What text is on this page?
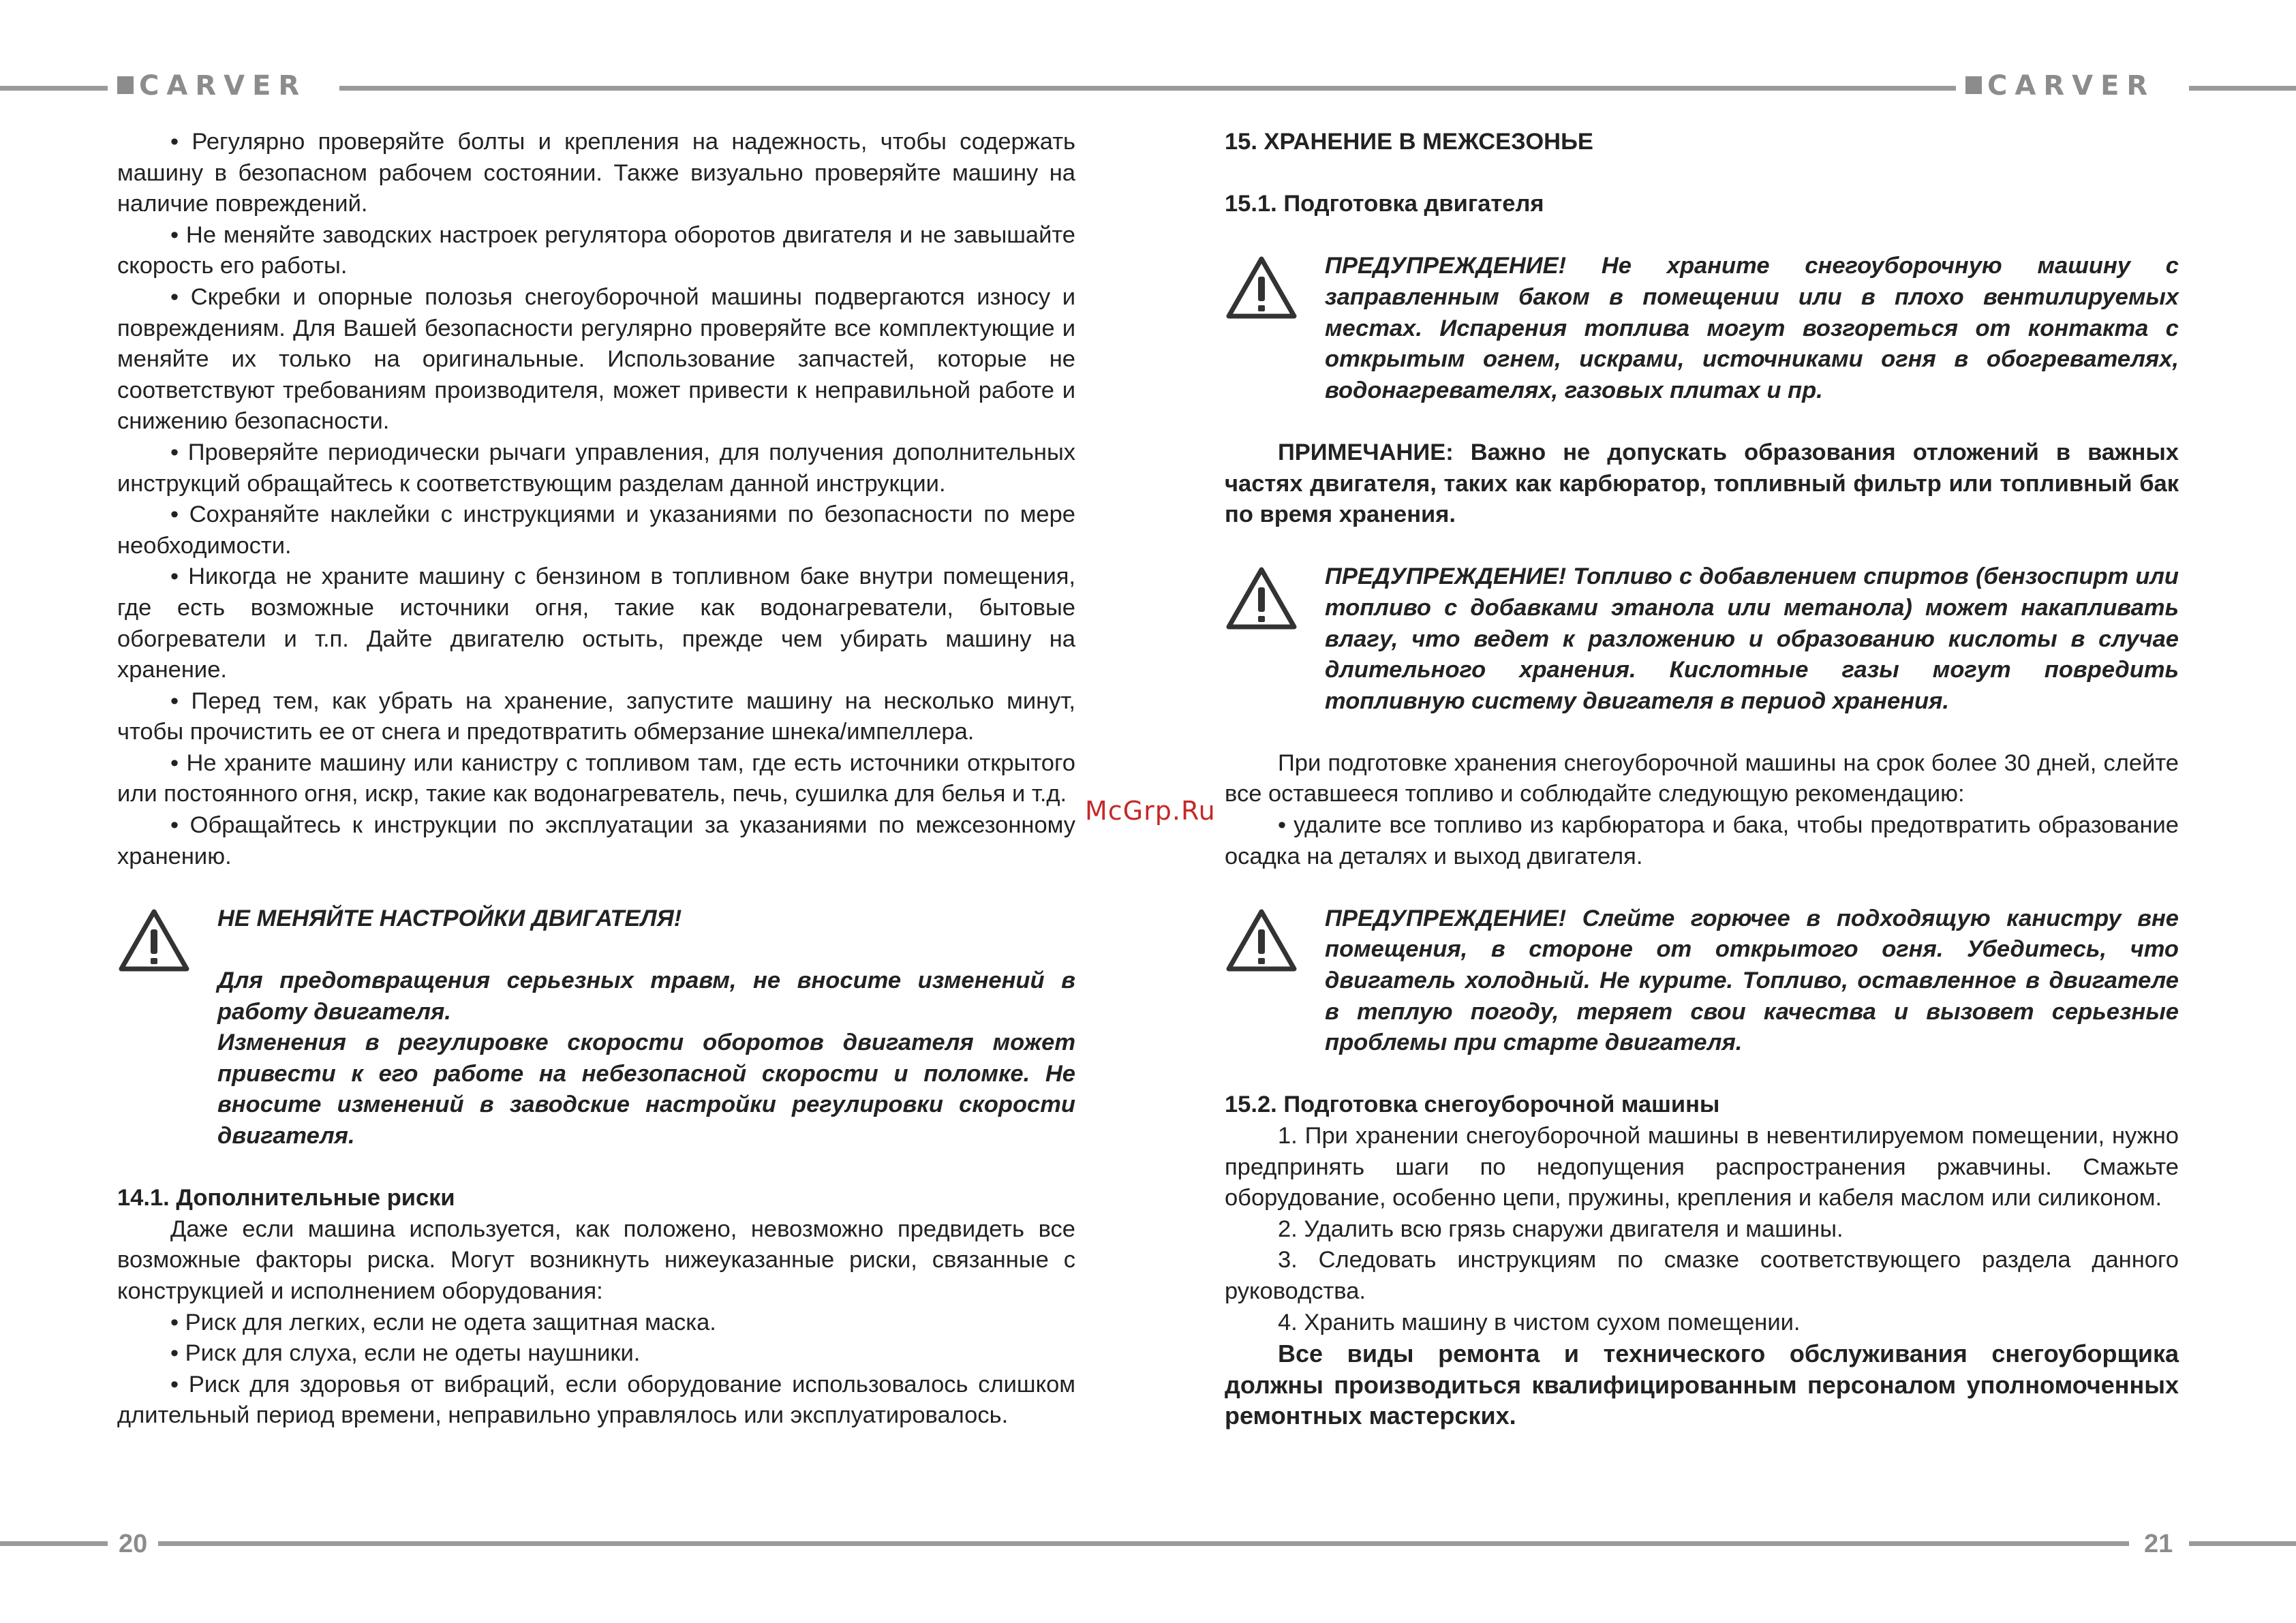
CARVER	CARVER
20	21
McGrp.Ru

• Регулярно проверяйте болты и крепления на надежность, чтобы содержать машину в безопасном рабочем состоянии. Также визуально проверяйте машину на наличие повреждений.

• Не меняйте заводских настроек регулятора оборотов двигателя и не завышайте скорость его работы.

• Скребки и опорные полозья снегоуборочной машины подвергаются износу и повреждениям. Для Вашей безопасности регулярно проверяйте все комплектующие и меняйте их только на оригинальные. Использование запчастей, которые не соответствуют требованиям производителя, может привести к неправильной работе и снижению безопасности.

• Проверяйте периодически рычаги управления, для получения дополнительных инструкций обращайтесь к соответствующим разделам данной инструкции.

• Сохраняйте наклейки с инструкциями и указаниями по безопасности по мере необходимости.

• Никогда не храните машину с бензином в топливном баке внутри помещения, где есть возможные источники огня, такие как водонагреватели, бытовые обогреватели и т.п. Дайте двигателю остыть, прежде чем убирать машину на хранение.

• Перед тем, как убрать на хранение, запустите машину на несколько минут, чтобы прочистить ее от снега и предотвратить обмерзание шнека/импеллера.

• Не храните машину или канистру с топливом там, где есть источники открытого или постоянного огня, искр, такие как водонагреватель, печь, сушилка для белья и т.д.

• Обращайтесь к инструкции по эксплуатации за указаниями по межсезонному хранению.

НЕ МЕНЯЙТЕ НАСТРОЙКИ ДВИГАТЕЛЯ!

Для предотвращения серьезных травм, не вносите изменений в работу двигателя.

Изменения в регулировке скорости оборотов двигателя может привести к его работе на небезопасной скорости и поломке. Не вносите изменений в заводские настройки регулировки скорости двигателя.

14.1. Дополнительные риски

Даже если машина используется, как положено, невозможно предвидеть все возможные факторы риска. Могут возникнуть нижеуказанные риски, связанные с конструкцией и исполнением оборудования:

• Риск для легких, если не одета защитная маска.

• Риск для слуха, если не одеты наушники.

• Риск для здоровья от вибраций, если оборудование использовалось слишком длительный период времени, неправильно управлялось или эксплуатировалось.

15. ХРАНЕНИЕ В МЕЖСЕЗОНЬЕ

15.1. Подготовка двигателя

ПРЕДУПРЕЖДЕНИЕ! Не храните снегоуборочную машину с заправленным баком в помещении или в плохо вентилируемых местах. Испарения топлива могут возгореться от контакта с открытым огнем, искрами, источниками огня в обогревателях, водонагревателях, газовых плитах и пр.

ПРИМЕЧАНИЕ: Важно не допускать образования отложений в важных частях двигателя, таких как карбюратор, топливный фильтр или топливный бак по время хранения.

ПРЕДУПРЕЖДЕНИЕ! Топливо с добавлением спиртов (бензоспирт или топливо с добавками этанола или метанола) может накапливать влагу, что ведет к разложению и образованию кислоты в случае длительного хранения. Кислотные газы могут повредить топливную систему двигателя в период хранения.

При подготовке хранения снегоуборочной машины на срок более 30 дней, слейте все оставшееся топливо и соблюдайте следующую рекомендацию:

• удалите все топливо из карбюратора и бака, чтобы предотвратить образование осадка на деталях и выход двигателя.

ПРЕДУПРЕЖДЕНИЕ! Слейте горючее в подходящую канистру вне помещения, в стороне от открытого огня. Убедитесь, что двигатель холодный. Не курите. Топливо, оставленное в двигателе в теплую погоду, теряет свои качества и вызовет серьезные проблемы при старте двигателя.

15.2. Подготовка снегоуборочной машины

1. При хранении снегоуборочной машины в невентилируемом помещении, нужно предпринять шаги по недопущения распространения ржавчины. Смажьте оборудование, особенно цепи, пружины, крепления и кабеля маслом или силиконом.

2. Удалить всю грязь снаружи двигателя и машины.

3. Следовать инструкциям по смазке соответствующего раздела данного руководства.

4. Хранить машину в чистом сухом помещении.

Все виды ремонта и технического обслуживания снегоуборщика должны производиться квалифицированным персоналом уполномоченных ремонтных мастерских.
